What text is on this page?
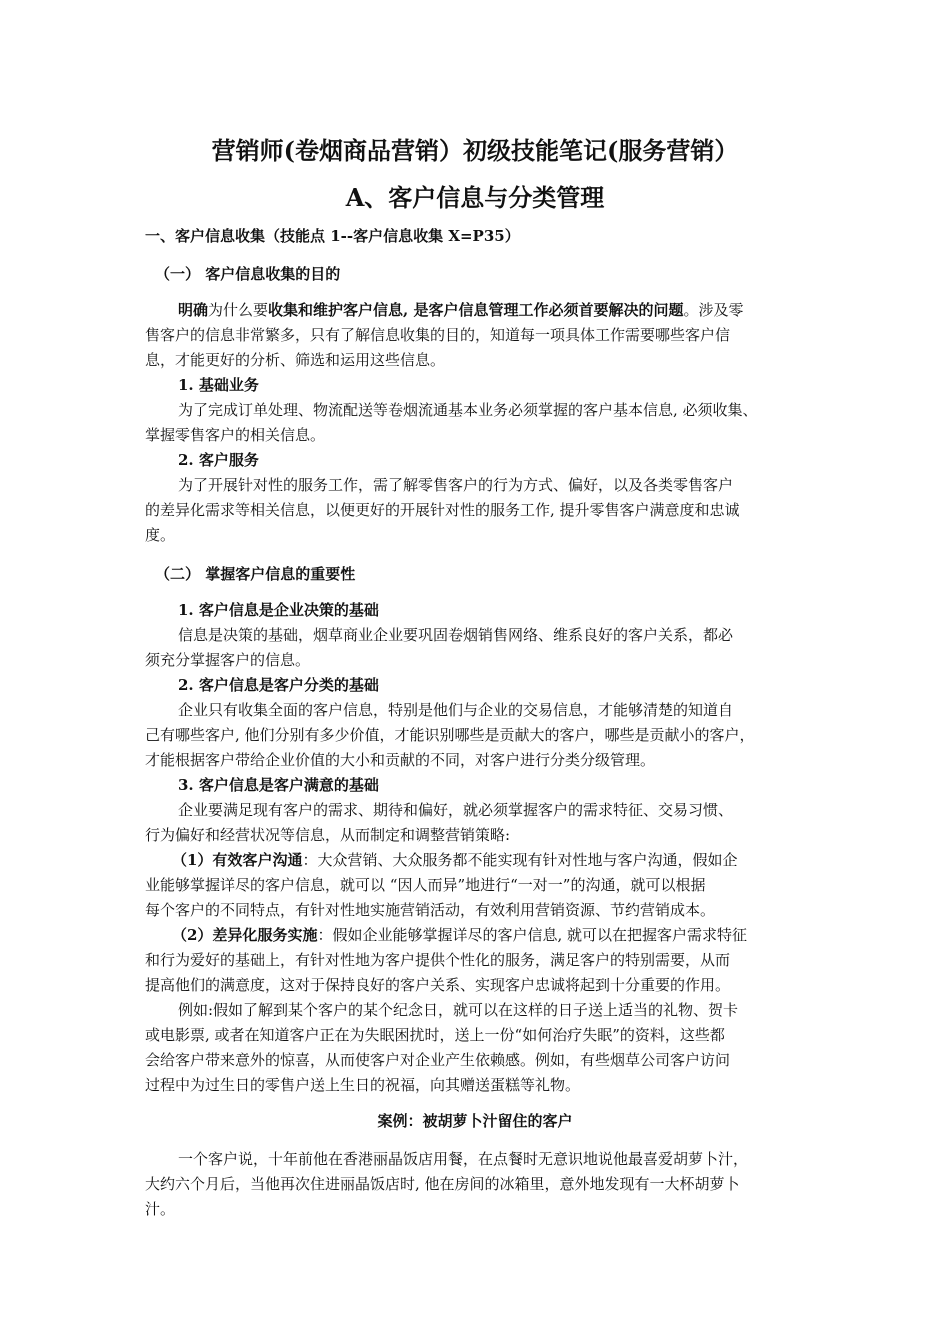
营销师(卷烟商品营销）初级技能笔记(服务营销）
A、客户信息与分类管理
一、客户信息收集（技能点 1--客户信息收集 X=P35）
（一） 客户信息收集的目的
明确为什么要收集和维护客户信息, 是客户信息管理工作必须首要解决的问题。涉及零
售客户的信息非常繁多，只有了解信息收集的目的，知道每一项具体工作需要哪些客户信
息，才能更好的分析、筛选和运用这些信息。
1. 基础业务
为了完成订单处理、物流配送等卷烟流通基本业务必须掌握的客户基本信息, 必须收集、
掌握零售客户的相关信息。
2. 客户服务
为了开展针对性的服务工作，需了解零售客户的行为方式、偏好，以及各类零售客户
的差异化需求等相关信息，以便更好的开展针对性的服务工作, 提升零售客户满意度和忠诚
度。
（二） 掌握客户信息的重要性
1. 客户信息是企业决策的基础
信息是决策的基础，烟草商业企业要巩固卷烟销售网络、维系良好的客户关系，都必
须充分掌握客户的信息。
2. 客户信息是客户分类的基础
企业只有收集全面的客户信息，特别是他们与企业的交易信息，才能够清楚的知道自
己有哪些客户, 他们分别有多少价值，才能识别哪些是贡献大的客户，哪些是贡献小的客户，
才能根据客户带给企业价值的大小和贡献的不同，对客户进行分类分级管理。
3. 客户信息是客户满意的基础
企业要满足现有客户的需求、期待和偏好，就必须掌握客户的需求特征、交易习惯、
行为偏好和经营状况等信息，从而制定和调整营销策略:
（1）有效客户沟通：大众营销、大众服务都不能实现有针对性地与客户沟通，假如企
业能够掌握详尽的客户信息，就可以 “因人而异”地进行“一对一”的沟通，就可以根据
每个客户的不同特点，有针对性地实施营销活动，有效利用营销资源、节约营销成本。
（2）差异化服务实施：假如企业能够掌握详尽的客户信息, 就可以在把握客户需求特征
和行为爱好的基础上，有针对性地为客户提供个性化的服务，满足客户的特别需要，从而
提高他们的满意度，这对于保持良好的客户关系、实现客户忠诚将起到十分重要的作用。
例如:假如了解到某个客户的某个纪念日，就可以在这样的日子送上适当的礼物、贺卡
或电影票, 或者在知道客户正在为失眠困扰时，送上一份“如何治疗失眠”的资料，这些都
会给客户带来意外的惊喜，从而使客户对企业产生依赖感。例如，有些烟草公司客户访问
过程中为过生日的零售户送上生日的祝福，向其赠送蛋糕等礼物。
案例：被胡萝卜汁留住的客户
一个客户说，十年前他在香港丽晶饭店用餐，在点餐时无意识地说他最喜爱胡萝卜汁，
大约六个月后，当他再次住进丽晶饭店时, 他在房间的冰箱里，意外地发现有一大杯胡萝卜
汁。
